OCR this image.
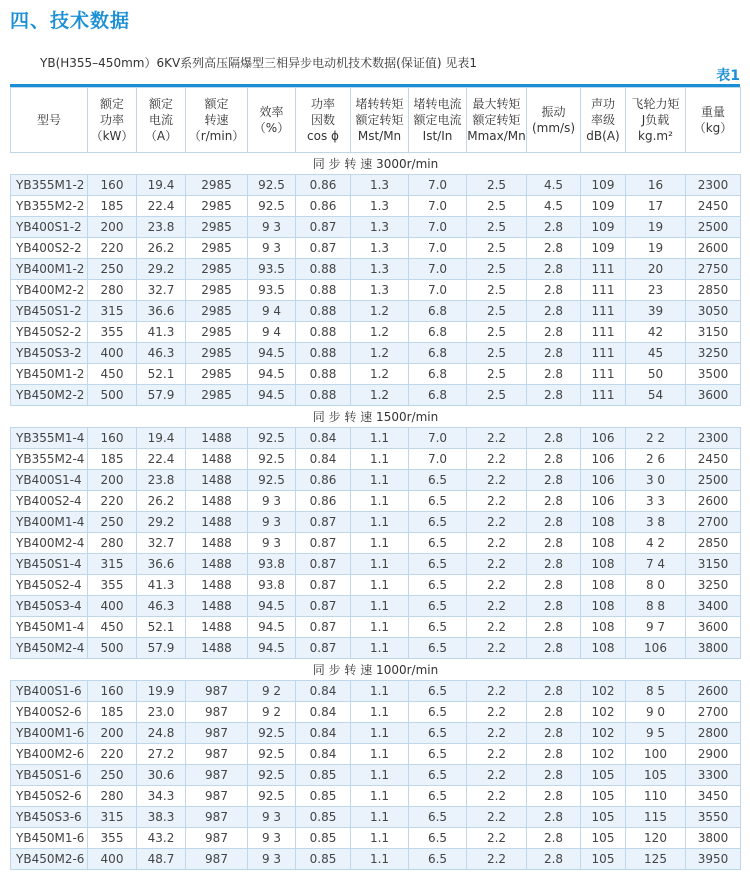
四、技术数据
YB(H355–450mm）6KV系列高压隔爆型三相异步电动机技术数据(保证值) 见表1
表1
型号	额定
功率
（kW）	额定
电流
（A）	额定
转速
（r/min）	效率
（%）	功率
因数
cos ϕ	堵转转矩
额定转矩
Mst/Mn	堵转电流
额定电流
Ist/In	最大转矩
额定转矩
Mmax/Mn	振动
(mm/s)	声功
率级
dB(A)	飞轮力矩
J负载
kg.m²	重量
（kg）

同 步 转 速 3000r/min												
YB355M1-2	160	19.4	2985	92.5	0.86	1.3	7.0	2.5	4.5	109	16	2300
YB355M2-2	185	22.4	2985	92.5	0.86	1.3	7.0	2.5	4.5	109	17	2450
YB400S1-2	200	23.8	2985	9 3	0.87	1.3	7.0	2.5	2.8	109	19	2500
YB400S2-2	220	26.2	2985	9 3	0.87	1.3	7.0	2.5	2.8	109	19	2600
YB400M1-2	250	29.2	2985	93.5	0.88	1.3	7.0	2.5	2.8	111	20	2750
YB400M2-2	280	32.7	2985	93.5	0.88	1.3	7.0	2.5	2.8	111	23	2850
YB450S1-2	315	36.6	2985	9 4	0.88	1.2	6.8	2.5	2.8	111	39	3050
YB450S2-2	355	41.3	2985	9 4	0.88	1.2	6.8	2.5	2.8	111	42	3150
YB450S3-2	400	46.3	2985	94.5	0.88	1.2	6.8	2.5	2.8	111	45	3250
YB450M1-2	450	52.1	2985	94.5	0.88	1.2	6.8	2.5	2.8	111	50	3500
YB450M2-2	500	57.9	2985	94.5	0.88	1.2	6.8	2.5	2.8	111	54	3600
同 步 转 速 1500r/min												
YB355M1-4	160	19.4	1488	92.5	0.84	1.1	7.0	2.2	2.8	106	2 2	2300
YB355M2-4	185	22.4	1488	92.5	0.84	1.1	7.0	2.2	2.8	106	2 6	2450
YB400S1-4	200	23.8	1488	92.5	0.86	1.1	6.5	2.2	2.8	106	3 0	2500
YB400S2-4	220	26.2	1488	9 3	0.86	1.1	6.5	2.2	2.8	106	3 3	2600
YB400M1-4	250	29.2	1488	9 3	0.87	1.1	6.5	2.2	2.8	108	3 8	2700
YB400M2-4	280	32.7	1488	9 3	0.87	1.1	6.5	2.2	2.8	108	4 2	2850
YB450S1-4	315	36.6	1488	93.8	0.87	1.1	6.5	2.2	2.8	108	7 4	3150
YB450S2-4	355	41.3	1488	93.8	0.87	1.1	6.5	2.2	2.8	108	8 0	3250
YB450S3-4	400	46.3	1488	94.5	0.87	1.1	6.5	2.2	2.8	108	8 8	3400
YB450M1-4	450	52.1	1488	94.5	0.87	1.1	6.5	2.2	2.8	108	9 7	3600
YB450M2-4	500	57.9	1488	94.5	0.87	1.1	6.5	2.2	2.8	108	106	3800
同 步 转 速 1000r/min												
YB400S1-6	160	19.9	987	9 2	0.84	1.1	6.5	2.2	2.8	102	8 5	2600
YB400S2-6	185	23.0	987	9 2	0.84	1.1	6.5	2.2	2.8	102	9 0	2700
YB400M1-6	200	24.8	987	92.5	0.84	1.1	6.5	2.2	2.8	102	9 5	2800
YB400M2-6	220	27.2	987	92.5	0.84	1.1	6.5	2.2	2.8	102	100	2900
YB450S1-6	250	30.6	987	92.5	0.85	1.1	6.5	2.2	2.8	105	105	3300
YB450S2-6	280	34.3	987	92.5	0.85	1.1	6.5	2.2	2.8	105	110	3450
YB450S3-6	315	38.3	987	9 3	0.85	1.1	6.5	2.2	2.8	105	115	3550
YB450M1-6	355	43.2	987	9 3	0.85	1.1	6.5	2.2	2.8	105	120	3800
YB450M2-6	400	48.7	987	9 3	0.85	1.1	6.5	2.2	2.8	105	125	3950
